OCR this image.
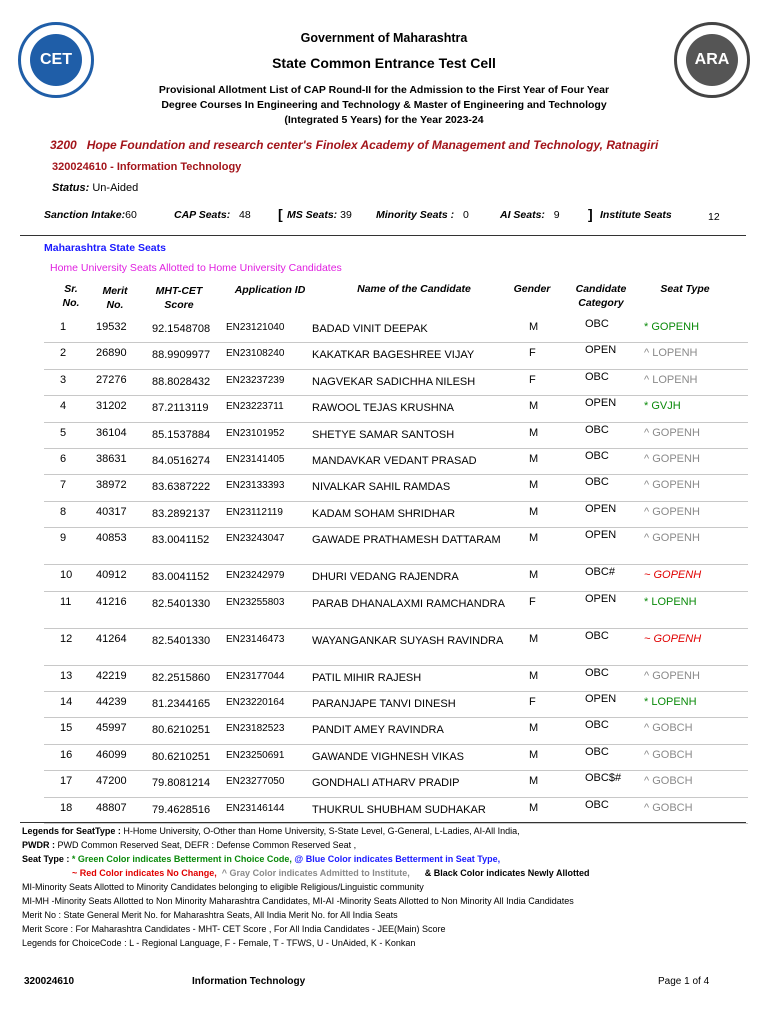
CET	ARA
Government of Maharashtra
State Common Entrance Test Cell
Provisional Allotment List of CAP Round-II for the Admission to the First Year of Four Year
Degree Courses In Engineering and Technology & Master of Engineering and Technology
(Integrated 5 Years) for the Year 2023-24
3200 Hope Foundation and research center's Finolex Academy of Management and Technology, Ratnagiri
320024610 - Information Technology
Status: Un-Aided
Sanction Intake:60	CAP Seats: 48 [ MS Seats: 39 Minority Seats : 0	AI Seats: 9 ] Institute Seats	12
Maharashtra State Seats
Home University Seats Allotted to Home University Candidates
Sr. No.
Merit No.
MHT-CET Score
Application ID	Name of the Candidate	Gender	Candidate Category
Seat Type
1	19532 92.1548708 EN23121040	BADAD VINIT DEEPAK	M	OBC	* GOPENH
2	26890 88.9909977 EN23108240	KAKATKAR BAGESHREE VIJAY	F	OPEN	^ LOPENH
3	27276 88.8028432 EN23237239	NAGVEKAR SADICHHA NILESH	F	OBC	^ LOPENH
4	31202 87.2113119 EN23223711	RAWOOL TEJAS KRUSHNA	M	OPEN	* GVJH
5	36104 85.1537884 EN23101952	SHETYE SAMAR SANTOSH	M	OBC	^ GOPENH
6	38631 84.0516274 EN23141405	MANDAVKAR VEDANT PRASAD	M	OBC	^ GOPENH
7	38972 83.6387222 EN23133393	NIVALKAR SAHIL RAMDAS	M	OBC	^ GOPENH
8	40317 83.2892137 EN23112119	KADAM SOHAM SHRIDHAR	M	OPEN	^ GOPENH
9	40853 83.0041152 EN23243047	GAWADE PRATHAMESH DATTARAM	M	OPEN	^ GOPENH
10 40912 83.0041152 EN23242979	DHURI VEDANG RAJENDRA	M	OBC#	~ GOPENH
11 41216 82.5401330 EN23255803	PARAB DHANALAXMI RAMCHANDRA	F	OPEN	* LOPENH
12 41264 82.5401330 EN23146473	WAYANGANKAR SUYASH RAVINDRA	M	OBC	~ GOPENH
13 42219 82.2515860 EN23177044	PATIL MIHIR RAJESH	M	OBC	^ GOPENH
14 44239 81.2344165 EN23220164	PARANJAPE TANVI DINESH	F	OPEN	* LOPENH
15 45997 80.6210251 EN23182523	PANDIT AMEY RAVINDRA	M	OBC	^ GOBCH
16 46099 80.6210251 EN23250691	GAWANDE VIGHNESH VIKAS	M	OBC	^ GOBCH
17 47200 79.8081214 EN23277050	GONDHALI ATHARV PRADIP	M	OBC$# ^ GOBCH
18 48807 79.4628516 EN23146144	THUKRUL SHUBHAM SUDHAKAR	M	OBC	^ GOBCH

Legends for SeatType : H-Home University, O-Other than Home University, S-State Level, G-General, L-Ladies, AI-All India,

PWDR : PWD Common Reserved Seat, DEFR : Defense Common Reserved Seat ,

Seat Type : * Green Color indicates Betterment in Choice Code, @ Blue Color indicates Betterment in Seat Type,

~ Red Color indicates No Change, ^ Gray Color indicates Admitted to Institute, & Black Color indicates Newly Allotted

MI-Minority Seats Allotted to Minority Candidates belonging to eligible Religious/Linguistic community

MI-MH -Minority Seats Allotted to Non Minority Maharashtra Candidates, MI-AI -Minority Seats Allotted to Non Minority All India Candidates

Merit No : State General Merit No. for Maharashtra Seats, All India Merit No. for All India Seats

Merit Score : For Maharashtra Candidates - MHT- CET Score , For All India Candidates - JEE(Main) Score

Legends for ChoiceCode : L - Regional Language, F - Female, T - TFWS, U - UnAided, K - Konkan

320024610	Information Technology	Page 1 of 4
